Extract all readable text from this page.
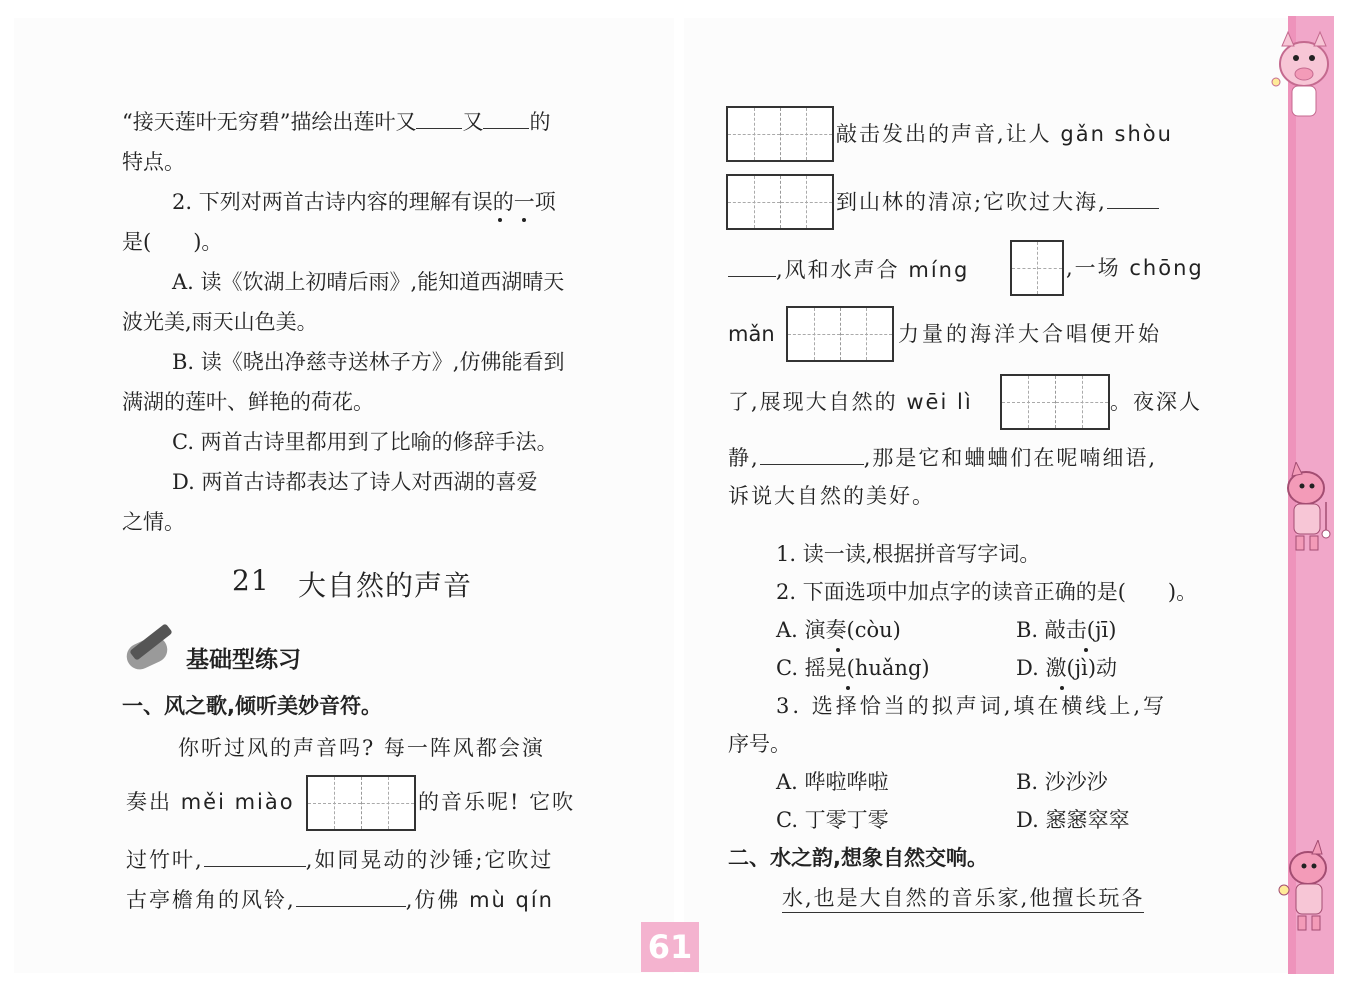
“接天莲叶无穷碧”描绘出莲叶又 又 的
特点。
2. 下列对两首古诗内容的理解有误的一项
是(　　)。
A. 读《饮湖上初晴后雨》,能知道西湖晴天
波光美,雨天山色美。
B. 读《晓出净慈寺送林子方》,仿佛能看到
满湖的莲叶、鲜艳的荷花。
C. 两首古诗里都用到了比喻的修辞手法。
D. 两首古诗都表达了诗人对西湖的喜爱
之情。
21 大自然的声音
基础型练习
一、风之歌,倾听美妙音符。
你听过风的声音吗? 每一阵风都会演
奏出 měi miào	的音乐呢! 它吹
过竹叶,	,如同晃动的沙锤;它吹过
古亭檐角的风铃,	,仿佛 mù qín
敲击发出的声音,让人 gǎn shòu
到山林的清凉;它吹过大海,
,风和水声合 míng	,一场 chōng
mǎn	力量的海洋大合唱便开始
了,展现大自然的 wēi lì	。夜深人
静,	,那是它和蛐蛐们在呢喃细语,
诉说大自然的美好。
1. 读一读,根据拼音写字词。
2. 下面选项中加点字的读音正确的是(　　)。
A. 演奏(còu)	B. 敲击(jī)
C. 摇晃(huǎng)	D. 激(jì)动
3. 选择恰当的拟声词,填在横线上,写
序号。
A. 哗啦哗啦	B. 沙沙沙
C. 丁零丁零	D. 窸窸窣窣
二、水之韵,想象自然交响。
水,也是大自然的音乐家,他擅长玩各
61
